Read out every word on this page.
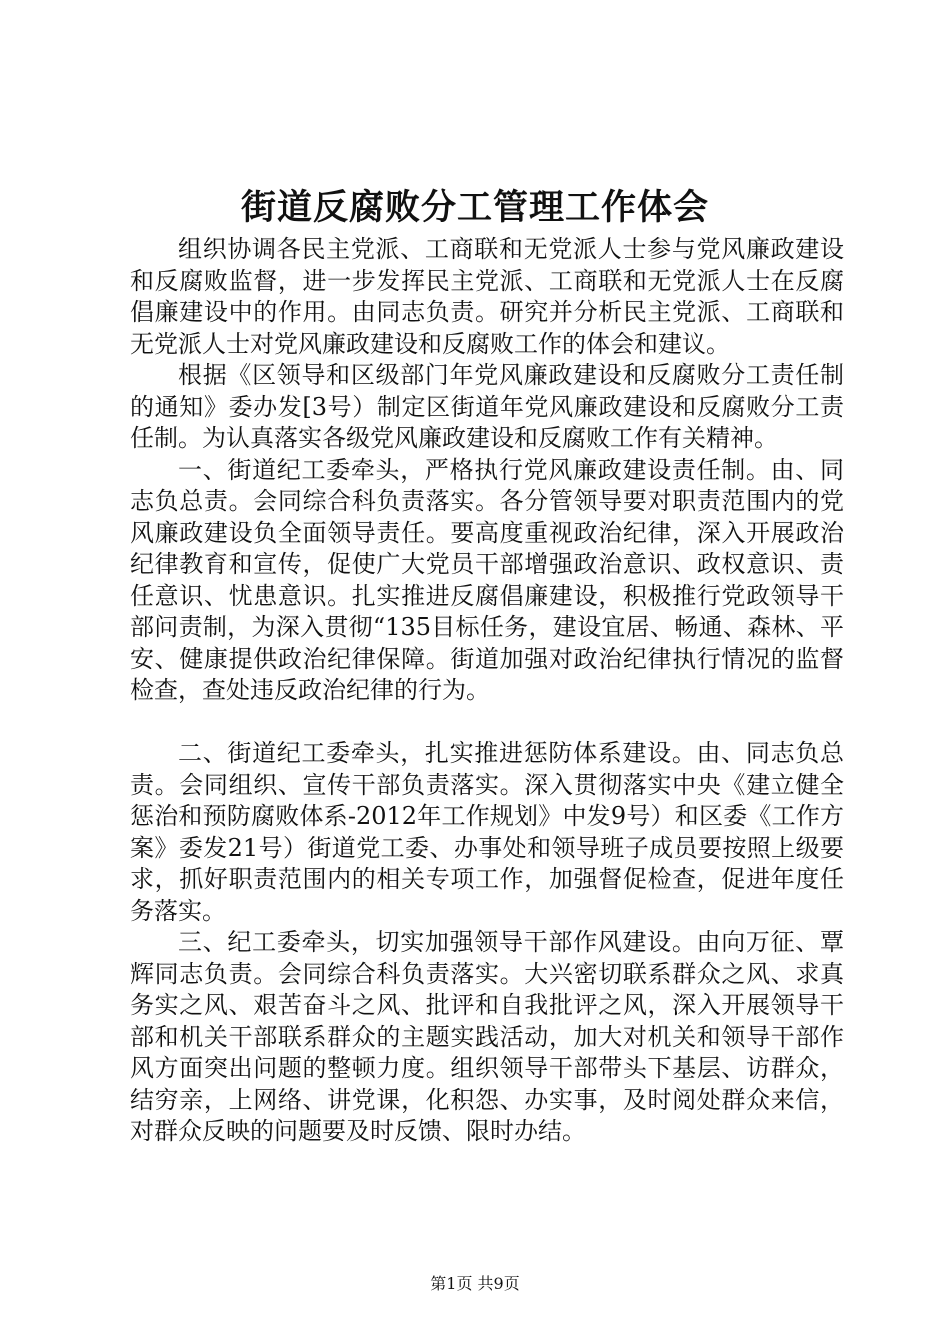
街道反腐败分工管理工作体会

组织协调各民主党派、工商联和无党派人士参与党风廉政建设和反腐败监督，进一步发挥民主党派、工商联和无党派人士在反腐倡廉建设中的作用。由同志负责。研究并分析民主党派、工商联和无党派人士对党风廉政建设和反腐败工作的体会和建议。

根据《区领导和区级部门年党风廉政建设和反腐败分工责任制的通知》委办发[3号）制定区街道年党风廉政建设和反腐败分工责任制。为认真落实各级党风廉政建设和反腐败工作有关精神。

一、街道纪工委牵头，严格执行党风廉政建设责任制。由、同志负总责。会同综合科负责落实。各分管领导要对职责范围内的党风廉政建设负全面领导责任。要高度重视政治纪律，深入开展政治纪律教育和宣传，促使广大党员干部增强政治意识、政权意识、责任意识、忧患意识。扎实推进反腐倡廉建设，积极推行党政领导干部问责制，为深入贯彻“135目标任务，建设宜居、畅通、森林、平安、健康提供政治纪律保障。街道加强对政治纪律执行情况的监督检查，查处违反政治纪律的行为。

二、街道纪工委牵头，扎实推进惩防体系建设。由、同志负总责。会同组织、宣传干部负责落实。深入贯彻落实中央《建立健全惩治和预防腐败体系-2012年工作规划》中发9号）和区委《工作方案》委发21号）街道党工委、办事处和领导班子成员要按照上级要求，抓好职责范围内的相关专项工作，加强督促检查，促进年度任务落实。

三、纪工委牵头，切实加强领导干部作风建设。由向万征、覃辉同志负责。会同综合科负责落实。大兴密切联系群众之风、求真务实之风、艰苦奋斗之风、批评和自我批评之风，深入开展领导干部和机关干部联系群众的主题实践活动，加大对机关和领导干部作风方面突出问题的整顿力度。组织领导干部带头下基层、访群众，结穷亲，上网络、讲党课，化积怨、办实事，及时阅处群众来信，对群众反映的问题要及时反馈、限时办结。

第1页 共9页
